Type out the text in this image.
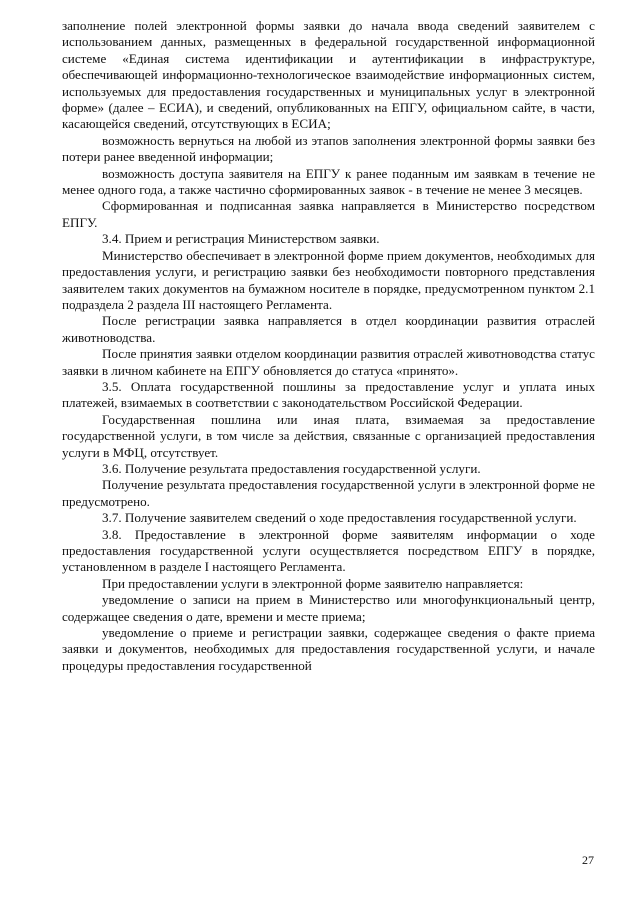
заполнение полей электронной формы заявки до начала ввода сведений заявителем с использованием данных, размещенных в федеральной государственной информационной системе «Единая система идентификации и аутентификации в инфраструктуре, обеспечивающей информационно-технологическое взаимодействие информационных систем, используемых для предоставления государственных и муниципальных услуг в электронной форме» (далее – ЕСИА), и сведений, опубликованных на ЕПГУ, официальном сайте, в части, касающейся сведений, отсутствующих в ЕСИА;

возможность вернуться на любой из этапов заполнения электронной формы заявки без потери ранее введенной информации;

возможность доступа заявителя на ЕПГУ к ранее поданным им заявкам в течение не менее одного года, а также частично сформированных заявок - в течение не менее 3 месяцев.

Сформированная и подписанная заявка направляется в Министерство посредством ЕПГУ.

3.4. Прием и регистрация Министерством заявки.

Министерство обеспечивает в электронной форме прием документов, необходимых для предоставления услуги, и регистрацию заявки без необходимости повторного представления заявителем таких документов на бумажном носителе в порядке, предусмотренном пунктом 2.1 подраздела 2 раздела III настоящего Регламента.

После регистрации заявка направляется в отдел координации развития отраслей животноводства.

После принятия заявки отделом координации развития отраслей животноводства статус заявки в личном кабинете на ЕПГУ обновляется до статуса «принято».

3.5. Оплата государственной пошлины за предоставление услуг и уплата иных платежей, взимаемых в соответствии с законодательством Российской Федерации.

Государственная пошлина или иная плата, взимаемая за предоставление государственной услуги, в том числе за действия, связанные с организацией предоставления услуги в МФЦ, отсутствует.

3.6. Получение результата предоставления государственной услуги.

Получение результата предоставления государственной услуги в электронной форме не предусмотрено.

3.7. Получение заявителем сведений о ходе предоставления государственной услуги.

3.8. Предоставление в электронной форме заявителям информации о ходе предоставления государственной услуги осуществляется посредством ЕПГУ в порядке, установленном в разделе I настоящего Регламента.

При предоставлении услуги в электронной форме заявителю направляется:

уведомление о записи на прием в Министерство или многофункциональный центр, содержащее сведения о дате, времени и месте приема;

уведомление о приеме и регистрации заявки, содержащее сведения о факте приема заявки и документов, необходимых для предоставления государственной услуги, и начале процедуры предоставления государственной

27
